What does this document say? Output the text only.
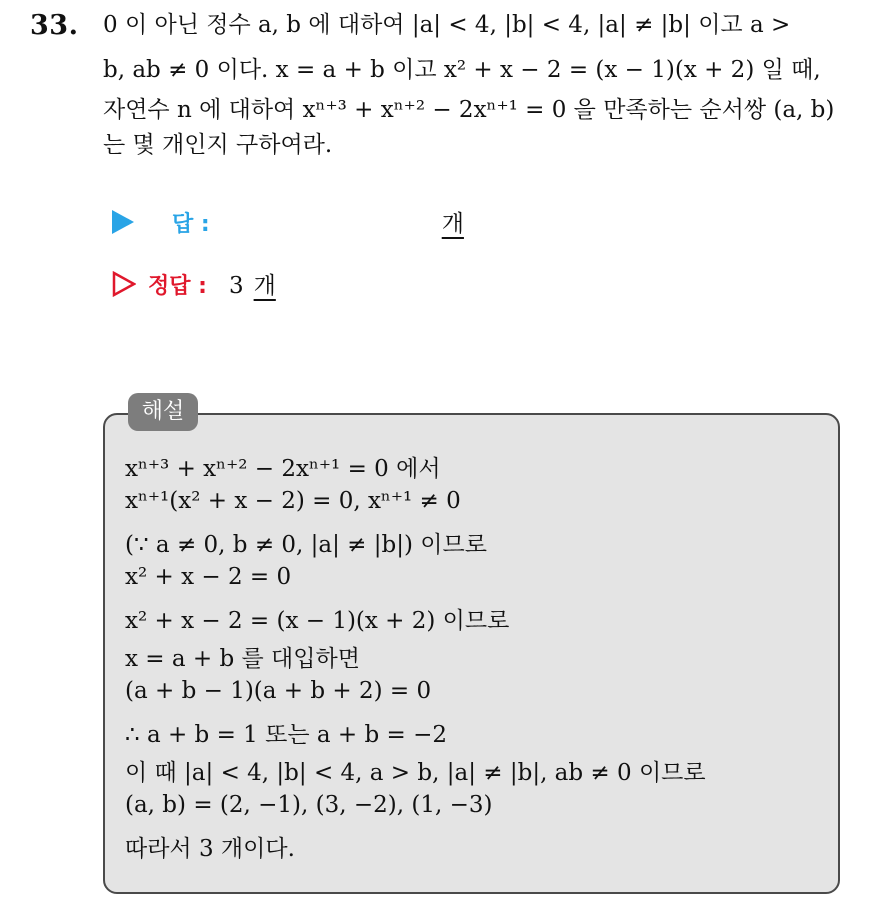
33. 0 이 아닌 정수 a, b 에 대하여 |a| < 4, |b| < 4, |a| ≠ |b| 이고 a >
b, ab ≠ 0 이다. x = a + b 이고 x² + x − 2 = (x − 1)(x + 2) 일 때,
자연수 n 에 대하여 xⁿ⁺³ + xⁿ⁺² − 2xⁿ⁺¹ = 0 을 만족하는 순서쌍 (a, b)
는 몇 개인지 구하여라.
답 :	개
정답 : 3 개
해설
xⁿ⁺³ + xⁿ⁺² − 2xⁿ⁺¹ = 0 에서
xⁿ⁺¹(x² + x − 2) = 0, xⁿ⁺¹ ≠ 0
(∵ a ≠ 0, b ≠ 0, |a| ≠ |b|) 이므로
x² + x − 2 = 0
x² + x − 2 = (x − 1)(x + 2) 이므로
x = a + b 를 대입하면
(a + b − 1)(a + b + 2) = 0
∴ a + b = 1 또는 a + b = −2
이 때 |a| < 4, |b| < 4, a > b, |a| ≠ |b|, ab ≠ 0 이므로
(a, b) = (2, −1), (3, −2), (1, −3)
따라서 3 개이다.
